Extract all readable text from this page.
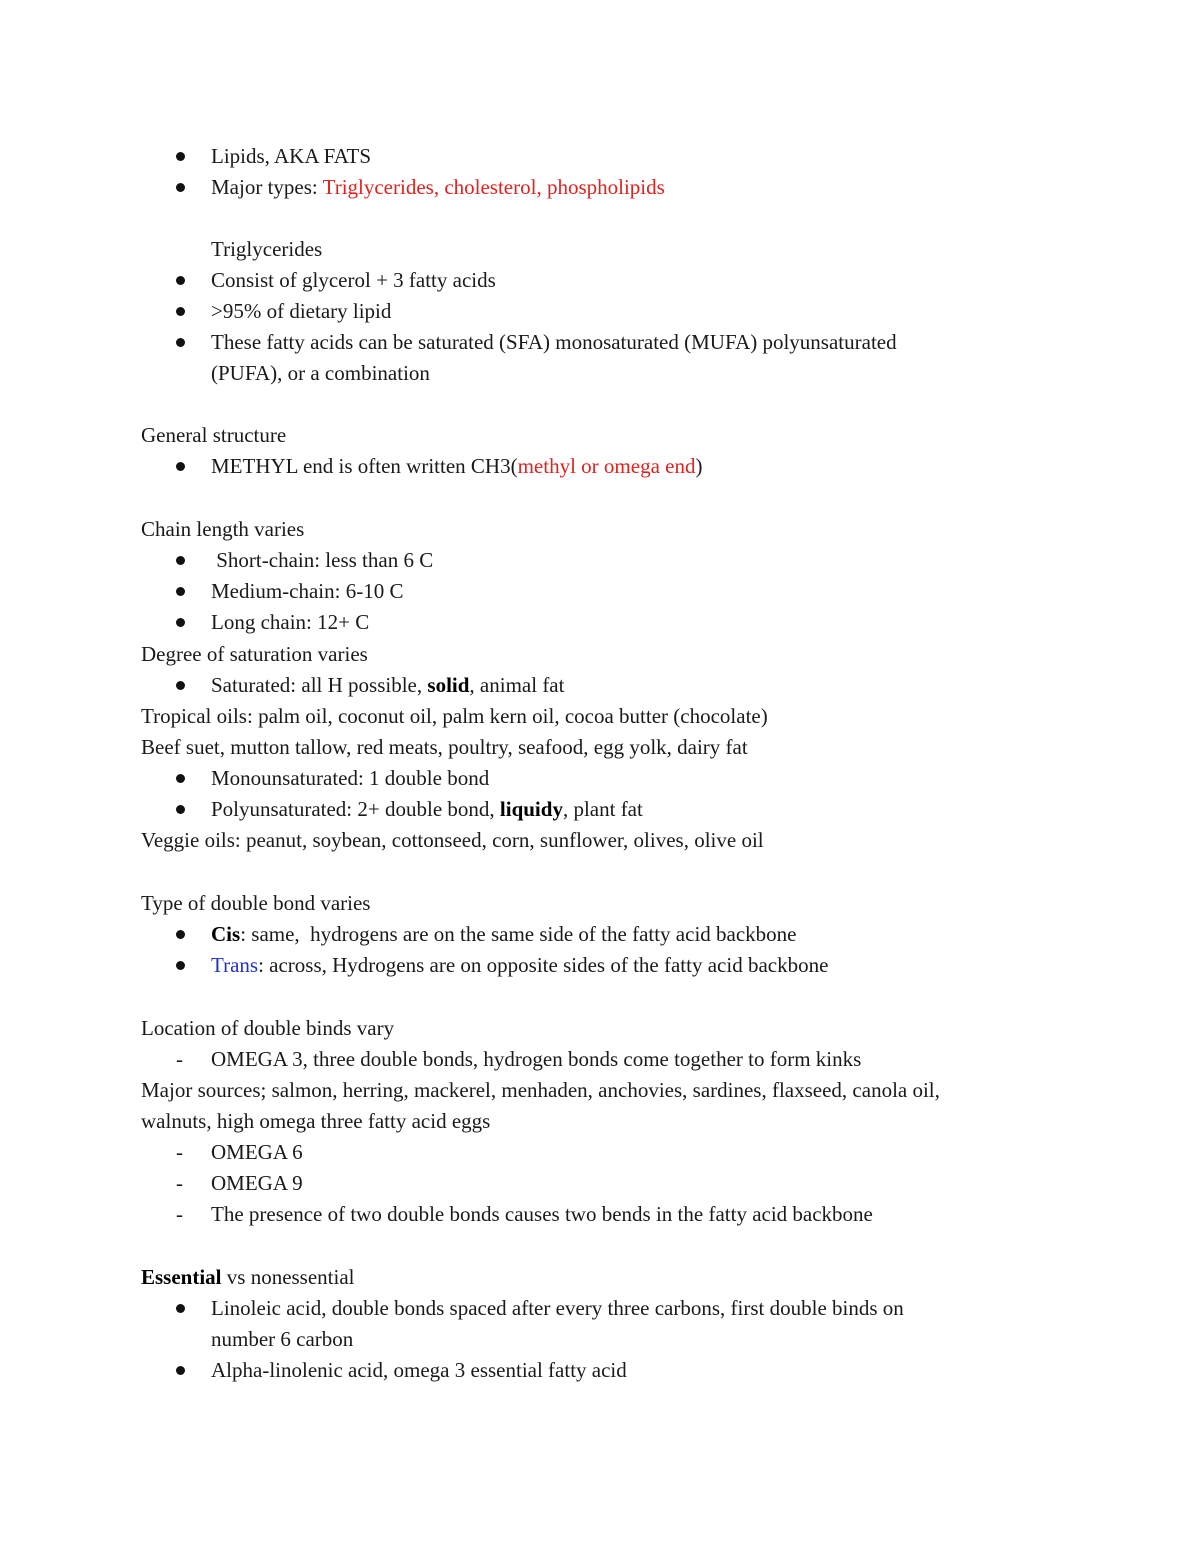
Lipids, AKA FATS
Major types: Triglycerides, cholesterol, phospholipids
Triglycerides
Consist of glycerol + 3 fatty acids
>95% of dietary lipid
These fatty acids can be saturated (SFA) monosaturated (MUFA) polyunsaturated
(PUFA), or a combination
General structure
METHYL end is often written CH3(methyl or omega end)
Chain length varies
Short-chain: less than 6 C
Medium-chain: 6-10 C
Long chain: 12+ C
Degree of saturation varies
Saturated: all H possible, solid, animal fat
Tropical oils: palm oil, coconut oil, palm kern oil, cocoa butter (chocolate)
Beef suet, mutton tallow, red meats, poultry, seafood, egg yolk, dairy fat
Monounsaturated: 1 double bond
Polyunsaturated: 2+ double bond, liquidy, plant fat
Veggie oils: peanut, soybean, cottonseed, corn, sunflower, olives, olive oil
Type of double bond varies
Cis: same,  hydrogens are on the same side of the fatty acid backbone
Trans: across, Hydrogens are on opposite sides of the fatty acid backbone
Location of double binds vary
- OMEGA 3, three double bonds, hydrogen bonds come together to form kinks
Major sources; salmon, herring, mackerel, menhaden, anchovies, sardines, flaxseed, canola oil,
walnuts, high omega three fatty acid eggs
- OMEGA 6
- OMEGA 9
- The presence of two double bonds causes two bends in the fatty acid backbone
Essential vs nonessential
Linoleic acid, double bonds spaced after every three carbons, first double binds on
number 6 carbon
Alpha-linolenic acid, omega 3 essential fatty acid
